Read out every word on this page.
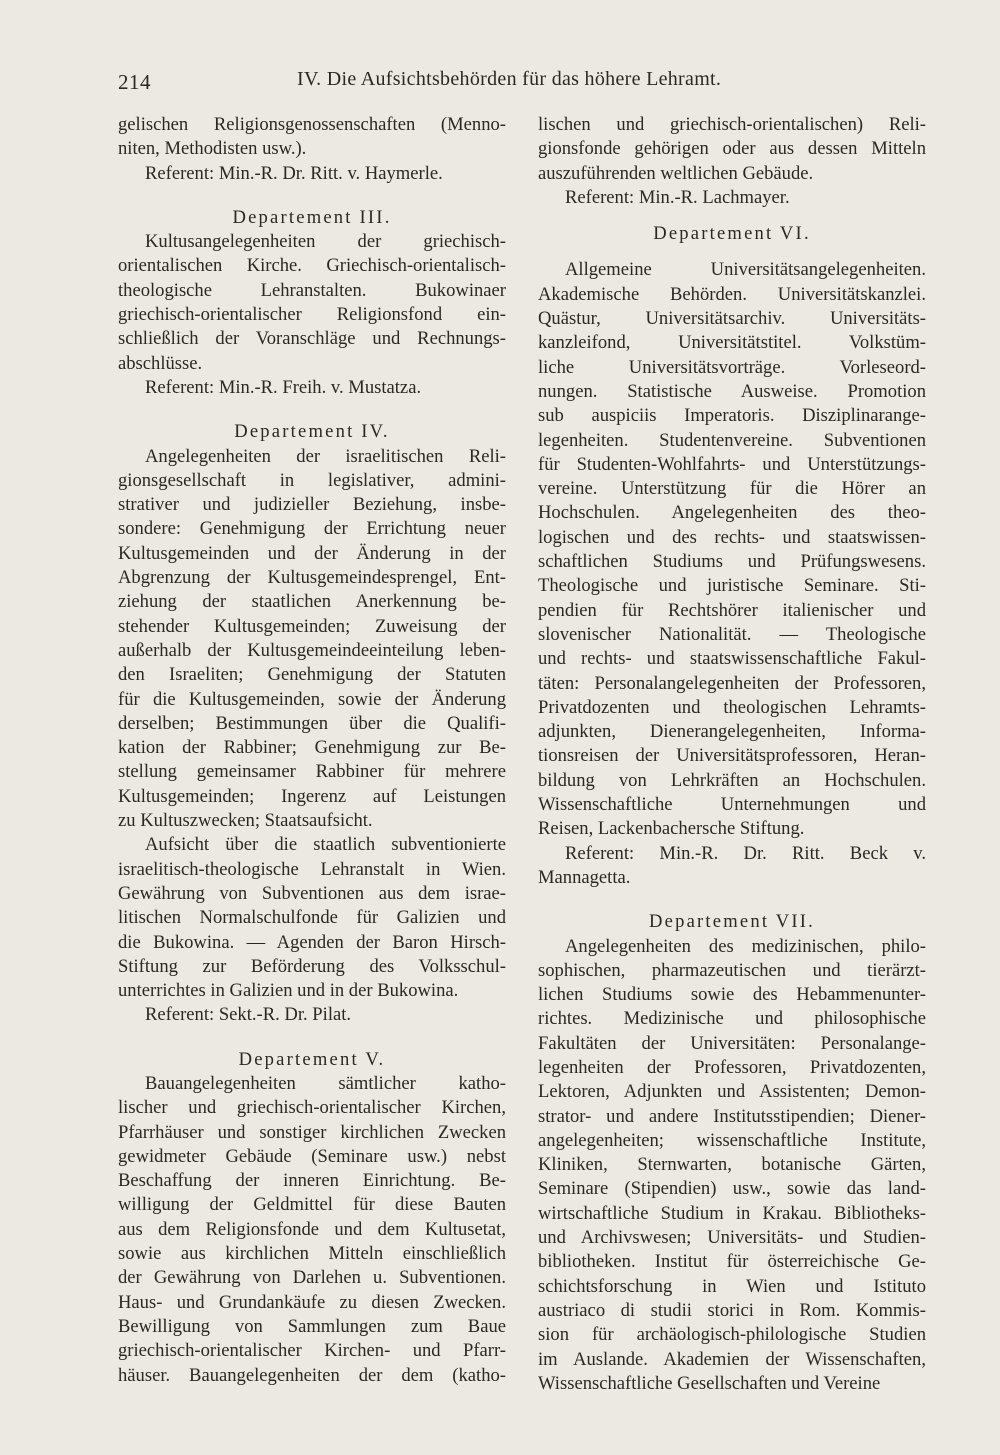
214	IV. Die Aufsichtsbehörden für das höhere Lehramt.
gelischen Religionsgenossenschaften (Menno-
niten, Methodisten usw.).
Referent: Min.-R. Dr. Ritt. v. Haymerle.
Departement III.
Kultusangelegenheiten der griechisch-
orientalischen Kirche. Griechisch-orientalisch-
theologische Lehranstalten. Bukowinaer
griechisch-orientalischer Religionsfond ein-
schließlich der Voranschläge und Rechnungs-
abschlüsse.
Referent: Min.-R. Freih. v. Mustatza.
Departement IV.
Angelegenheiten der israelitischen Reli-
gionsgesellschaft in legislativer, admini-
strativer und judizieller Beziehung, insbe-
sondere: Genehmigung der Errichtung neuer
Kultusgemeinden und der Änderung in der
Abgrenzung der Kultusgemeindesprengel, Ent-
ziehung der staatlichen Anerkennung be-
stehender Kultusgemeinden; Zuweisung der
außerhalb der Kultusgemeindeeinteilung leben-
den Israeliten; Genehmigung der Statuten
für die Kultusgemeinden, sowie der Änderung
derselben; Bestimmungen über die Qualifi-
kation der Rabbiner; Genehmigung zur Be-
stellung gemeinsamer Rabbiner für mehrere
Kultusgemeinden; Ingerenz auf Leistungen
zu Kultuszwecken; Staatsaufsicht.
Aufsicht über die staatlich subventionierte
israelitisch-theologische Lehranstalt in Wien.
Gewährung von Subventionen aus dem israe-
litischen Normalschulfonde für Galizien und
die Bukowina. — Agenden der Baron Hirsch-
Stiftung zur Beförderung des Volksschul-
unterrichtes in Galizien und in der Bukowina.
Referent: Sekt.-R. Dr. Pilat.
Departement V.
Bauangelegenheiten sämtlicher katho-
lischer und griechisch-orientalischer Kirchen,
Pfarrhäuser und sonstiger kirchlichen Zwecken
gewidmeter Gebäude (Seminare usw.) nebst
Beschaffung der inneren Einrichtung. Be-
willigung der Geldmittel für diese Bauten
aus dem Religionsfonde und dem Kultusetat,
sowie aus kirchlichen Mitteln einschließlich
der Gewährung von Darlehen u. Subventionen.
Haus- und Grundankäufe zu diesen Zwecken.
Bewilligung von Sammlungen zum Baue
griechisch-orientalischer Kirchen- und Pfarr-
häuser. Bauangelegenheiten der dem (katho-
lischen und griechisch-orientalischen) Reli-
gionsfonde gehörigen oder aus dessen Mitteln
auszuführenden weltlichen Gebäude.
Referent: Min.-R. Lachmayer.
Departement VI.
Allgemeine Universitätsangelegenheiten.
Akademische Behörden. Universitätskanzlei.
Quästur, Universitätsarchiv. Universitäts-
kanzleifond, Universitätstitel. Volkstüm-
liche Universitätsvorträge. Vorleseord-
nungen. Statistische Ausweise. Promotion
sub auspiciis Imperatoris. Disziplinarange-
legenheiten. Studentenvereine. Subventionen
für Studenten-Wohlfahrts- und Unterstützungs-
vereine. Unterstützung für die Hörer an
Hochschulen. Angelegenheiten des theo-
logischen und des rechts- und staatswissen-
schaftlichen Studiums und Prüfungswesens.
Theologische und juristische Seminare. Sti-
pendien für Rechtshörer italienischer und
slovenischer Nationalität. — Theologische
und rechts- und staatswissenschaftliche Fakul-
täten: Personalangelegenheiten der Professoren,
Privatdozenten und theologischen Lehramts-
adjunkten, Dienerangelegenheiten, Informa-
tionsreisen der Universitätsprofessoren, Heran-
bildung von Lehrkräften an Hochschulen.
Wissenschaftliche Unternehmungen und
Reisen, Lackenbachersche Stiftung.
Referent: Min.-R. Dr. Ritt. Beck v.
Mannagetta.
Departement VII.
Angelegenheiten des medizinischen, philo-
sophischen, pharmazeutischen und tierärzt-
lichen Studiums sowie des Hebammenunter-
richtes. Medizinische und philosophische
Fakultäten der Universitäten: Personalange-
legenheiten der Professoren, Privatdozenten,
Lektoren, Adjunkten und Assistenten; Demon-
strator- und andere Institutsstipendien; Diener-
angelegenheiten; wissenschaftliche Institute,
Kliniken, Sternwarten, botanische Gärten,
Seminare (Stipendien) usw., sowie das land-
wirtschaftliche Studium in Krakau. Bibliotheks-
und Archivswesen; Universitäts- und Studien-
bibliotheken. Institut für österreichische Ge-
schichtsforschung in Wien und Istituto
austriaco di studii storici in Rom. Kommis-
sion für archäologisch-philologische Studien
im Auslande. Akademien der Wissenschaften,
Wissenschaftliche Gesellschaften und Vereine
